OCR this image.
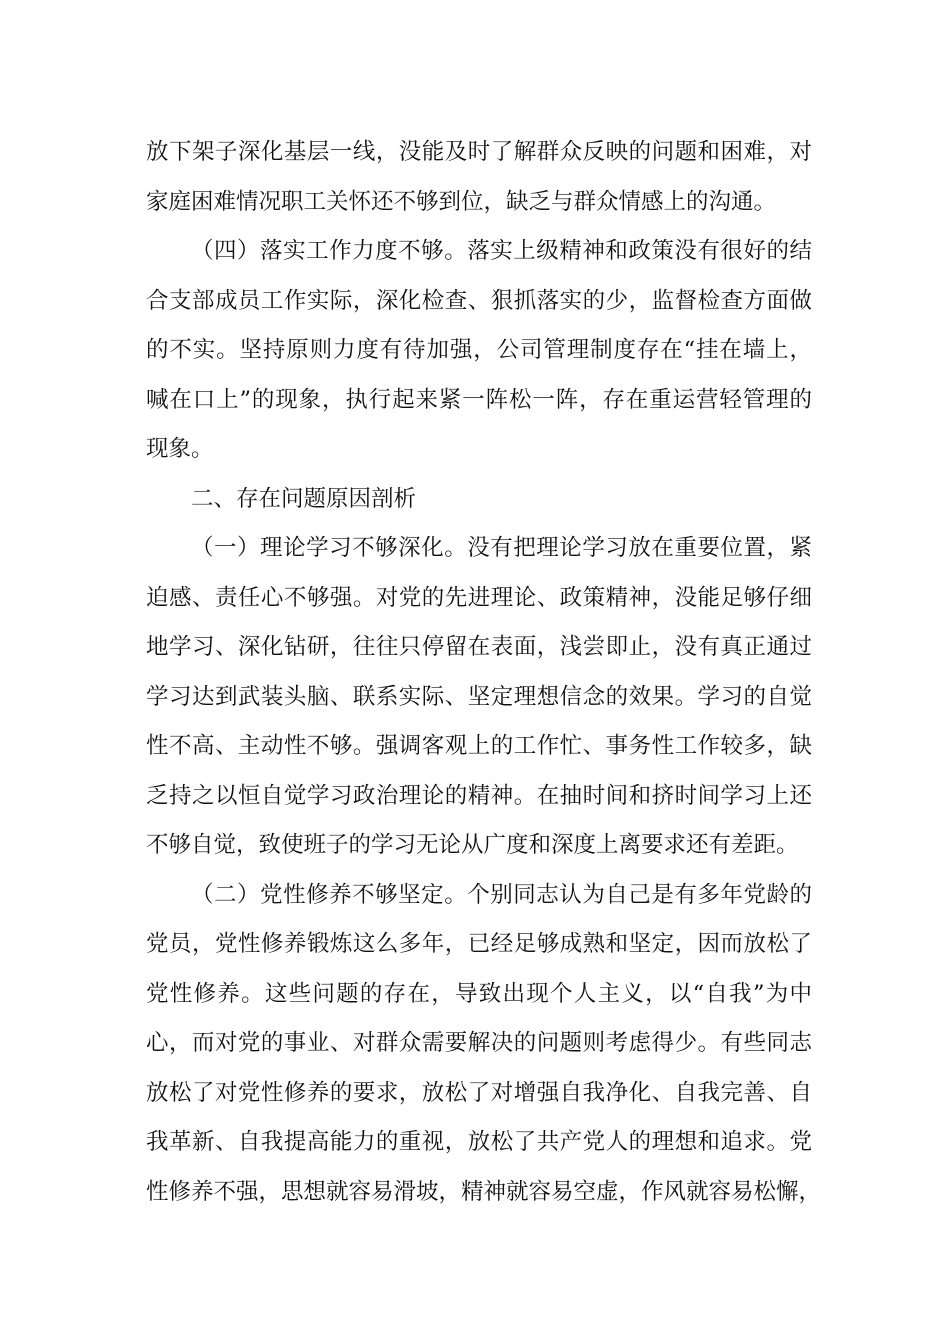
放下架子深化基层一线，没能及时了解群众反映的问题和困难，对
家庭困难情况职工关怀还不够到位，缺乏与群众情感上的沟通。
（四）落实工作力度不够。落实上级精神和政策没有很好的结
合支部成员工作实际，深化检查、狠抓落实的少，监督检查方面做
的不实。坚持原则力度有待加强，公司管理制度存在“挂在墙上，
喊在口上”的现象，执行起来紧一阵松一阵，存在重运营轻管理的
现象。
二、存在问题原因剖析
（一）理论学习不够深化。没有把理论学习放在重要位置，紧
迫感、责任心不够强。对党的先进理论、政策精神，没能足够仔细
地学习、深化钻研，往往只停留在表面，浅尝即止，没有真正通过
学习达到武装头脑、联系实际、坚定理想信念的效果。学习的自觉
性不高、主动性不够。强调客观上的工作忙、事务性工作较多，缺
乏持之以恒自觉学习政治理论的精神。在抽时间和挤时间学习上还
不够自觉，致使班子的学习无论从广度和深度上离要求还有差距。
（二）党性修养不够坚定。个别同志认为自己是有多年党龄的
党员，党性修养锻炼这么多年，已经足够成熟和坚定，因而放松了
党性修养。这些问题的存在，导致出现个人主义，以“自我”为中
心，而对党的事业、对群众需要解决的问题则考虑得少。有些同志
放松了对党性修养的要求，放松了对增强自我净化、自我完善、自
我革新、自我提高能力的重视，放松了共产党人的理想和追求。党
性修养不强，思想就容易滑坡，精神就容易空虚，作风就容易松懈，
